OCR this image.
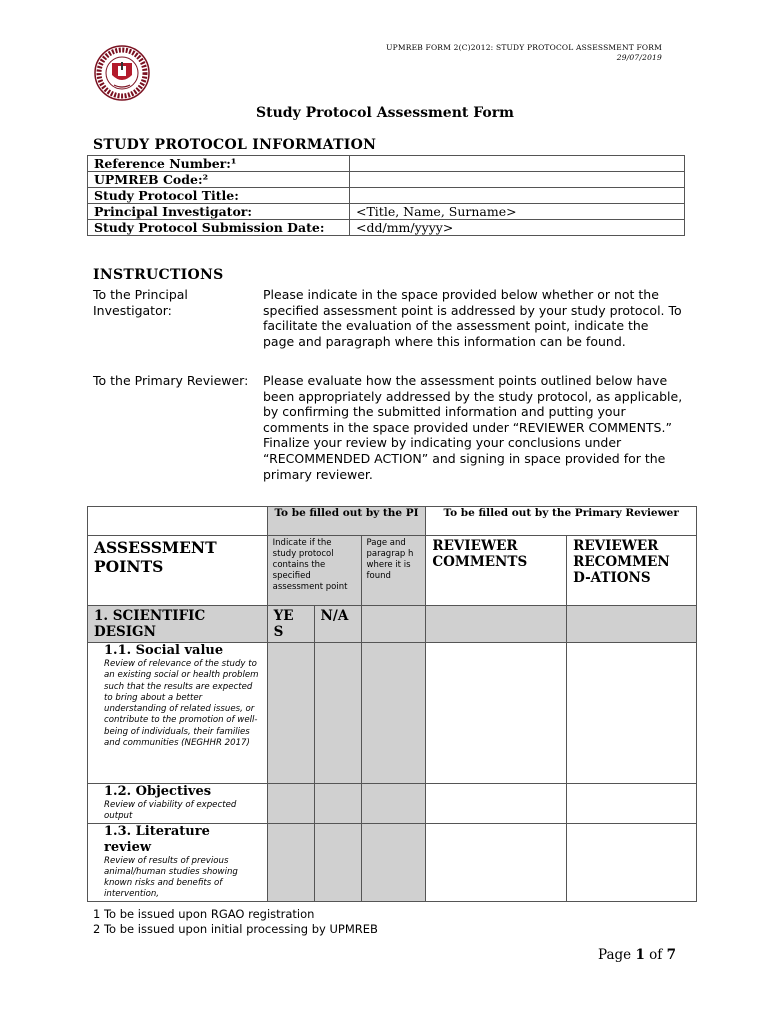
UPMREB FORM 2(C)2012: STUDY PROTOCOL ASSESSMENT FORM
29/07/2019
Study Protocol Assessment Form
STUDY PROTOCOL INFORMATION
Reference Number:¹	
UPMREB Code:²	
Study Protocol Title:	
Principal Investigator:	<Title, Name, Surname>
Study Protocol Submission Date:	<dd/mm/yyyy>
INSTRUCTIONS
To the Principal Investigator:
Please indicate in the space provided below whether or not the specified assessment point is addressed by your study protocol. To facilitate the evaluation of the assessment point, indicate the page and paragraph where this information can be found.
To the Primary Reviewer:	Please evaluate how the assessment points outlined below have been appropriately addressed by the study protocol, as applicable, by confirming the submitted information and putting your comments in the space provided under “REVIEWER COMMENTS.” Finalize your review by indicating your conclusions under “RECOMMENDED ACTION” and signing in space provided for the primary reviewer.
	To be filled out by the PI			To be filled out by the Primary Reviewer	
ASSESSMENT POINTS	Indicate if the study protocol contains the specified assessment point		Page and paragrap h where it is found	REVIEWER COMMENTS	REVIEWER RECOMMEN D-ATIONS
1. SCIENTIFIC DESIGN	YE S	N/A			

1.1. Social value
Review of relevance of the study to an existing social or health problem such that the results are expected to bring about a better understanding of related issues, or contribute to the promotion of well-being of individuals, their families and communities (NEGHHR 2017)					

1.2. Objectives
Review of viability of expected output					

1.3. Literature review
Review of results of previous animal/human studies showing known risks and benefits of intervention,					

1 To be issued upon RGAO registration
2 To be issued upon initial processing by UPMREB
Page 1 of 7
